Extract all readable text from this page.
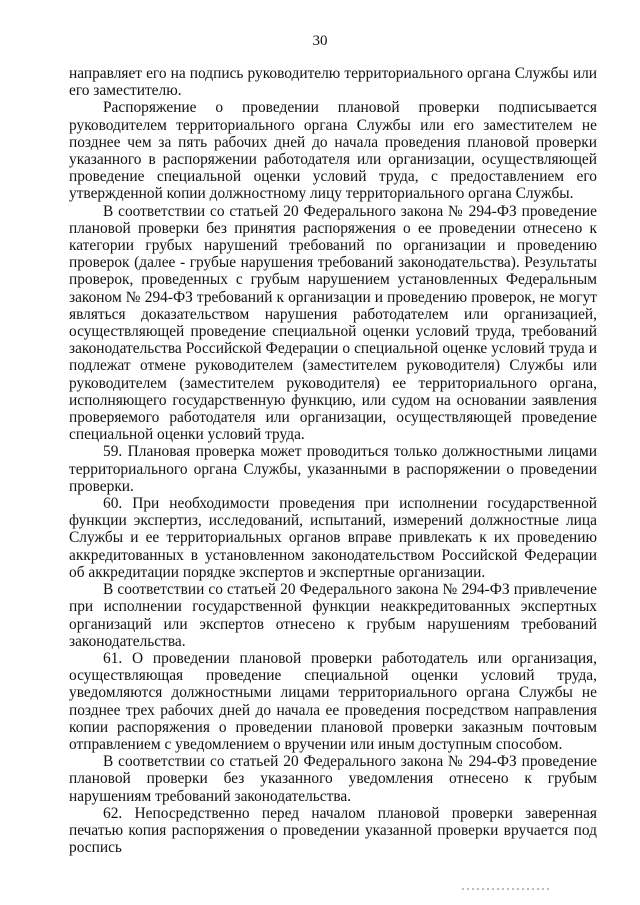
30

направляет его на подпись руководителю территориального органа Службы или его заместителю.

Распоряжение о проведении плановой проверки подписывается руководителем территориального органа Службы или его заместителем не позднее чем за пять рабочих дней до начала проведения плановой проверки указанного в распоряжении работодателя или организации, осуществляющей проведение специальной оценки условий труда, с предоставлением его утвержденной копии должностному лицу территориального органа Службы.

В соответствии со статьей 20 Федерального закона № 294-ФЗ проведение плановой проверки без принятия распоряжения о ее проведении отнесено к категории грубых нарушений требований по организации и проведению проверок (далее - грубые нарушения требований законодательства). Результаты проверок, проведенных с грубым нарушением установленных Федеральным законом № 294-ФЗ требований к организации и проведению проверок, не могут являться доказательством нарушения работодателем или организацией, осуществляющей проведение специальной оценки условий труда, требований законодательства Российской Федерации о специальной оценке условий труда и подлежат отмене руководителем (заместителем руководителя) Службы или руководителем (заместителем руководителя) ее территориального органа, исполняющего государственную функцию, или судом на основании заявления проверяемого работодателя или организации, осуществляющей проведение специальной оценки условий труда.

59. Плановая проверка может проводиться только должностными лицами территориального органа Службы, указанными в распоряжении о проведении проверки.

60. При необходимости проведения при исполнении государственной функции экспертиз, исследований, испытаний, измерений должностные лица Службы и ее территориальных органов вправе привлекать к их проведению аккредитованных в установленном законодательством Российской Федерации об аккредитации порядке экспертов и экспертные организации.

В соответствии со статьей 20 Федерального закона № 294-ФЗ привлечение при исполнении государственной функции неаккредитованных экспертных организаций или экспертов отнесено к грубым нарушениям требований законодательства.

61. О проведении плановой проверки работодатель или организация, осуществляющая проведение специальной оценки условий труда, уведомляются должностными лицами территориального органа Службы не позднее трех рабочих дней до начала ее проведения посредством направления копии распоряжения о проведении плановой проверки заказным почтовым отправлением с уведомлением о вручении или иным доступным способом.

В соответствии со статьей 20 Федерального закона № 294-ФЗ проведение плановой проверки без указанного уведомления отнесено к грубым нарушениям требований законодательства.

62. Непосредственно перед началом плановой проверки заверенная печатью копия распоряжения о проведении указанной проверки вручается под роспись
